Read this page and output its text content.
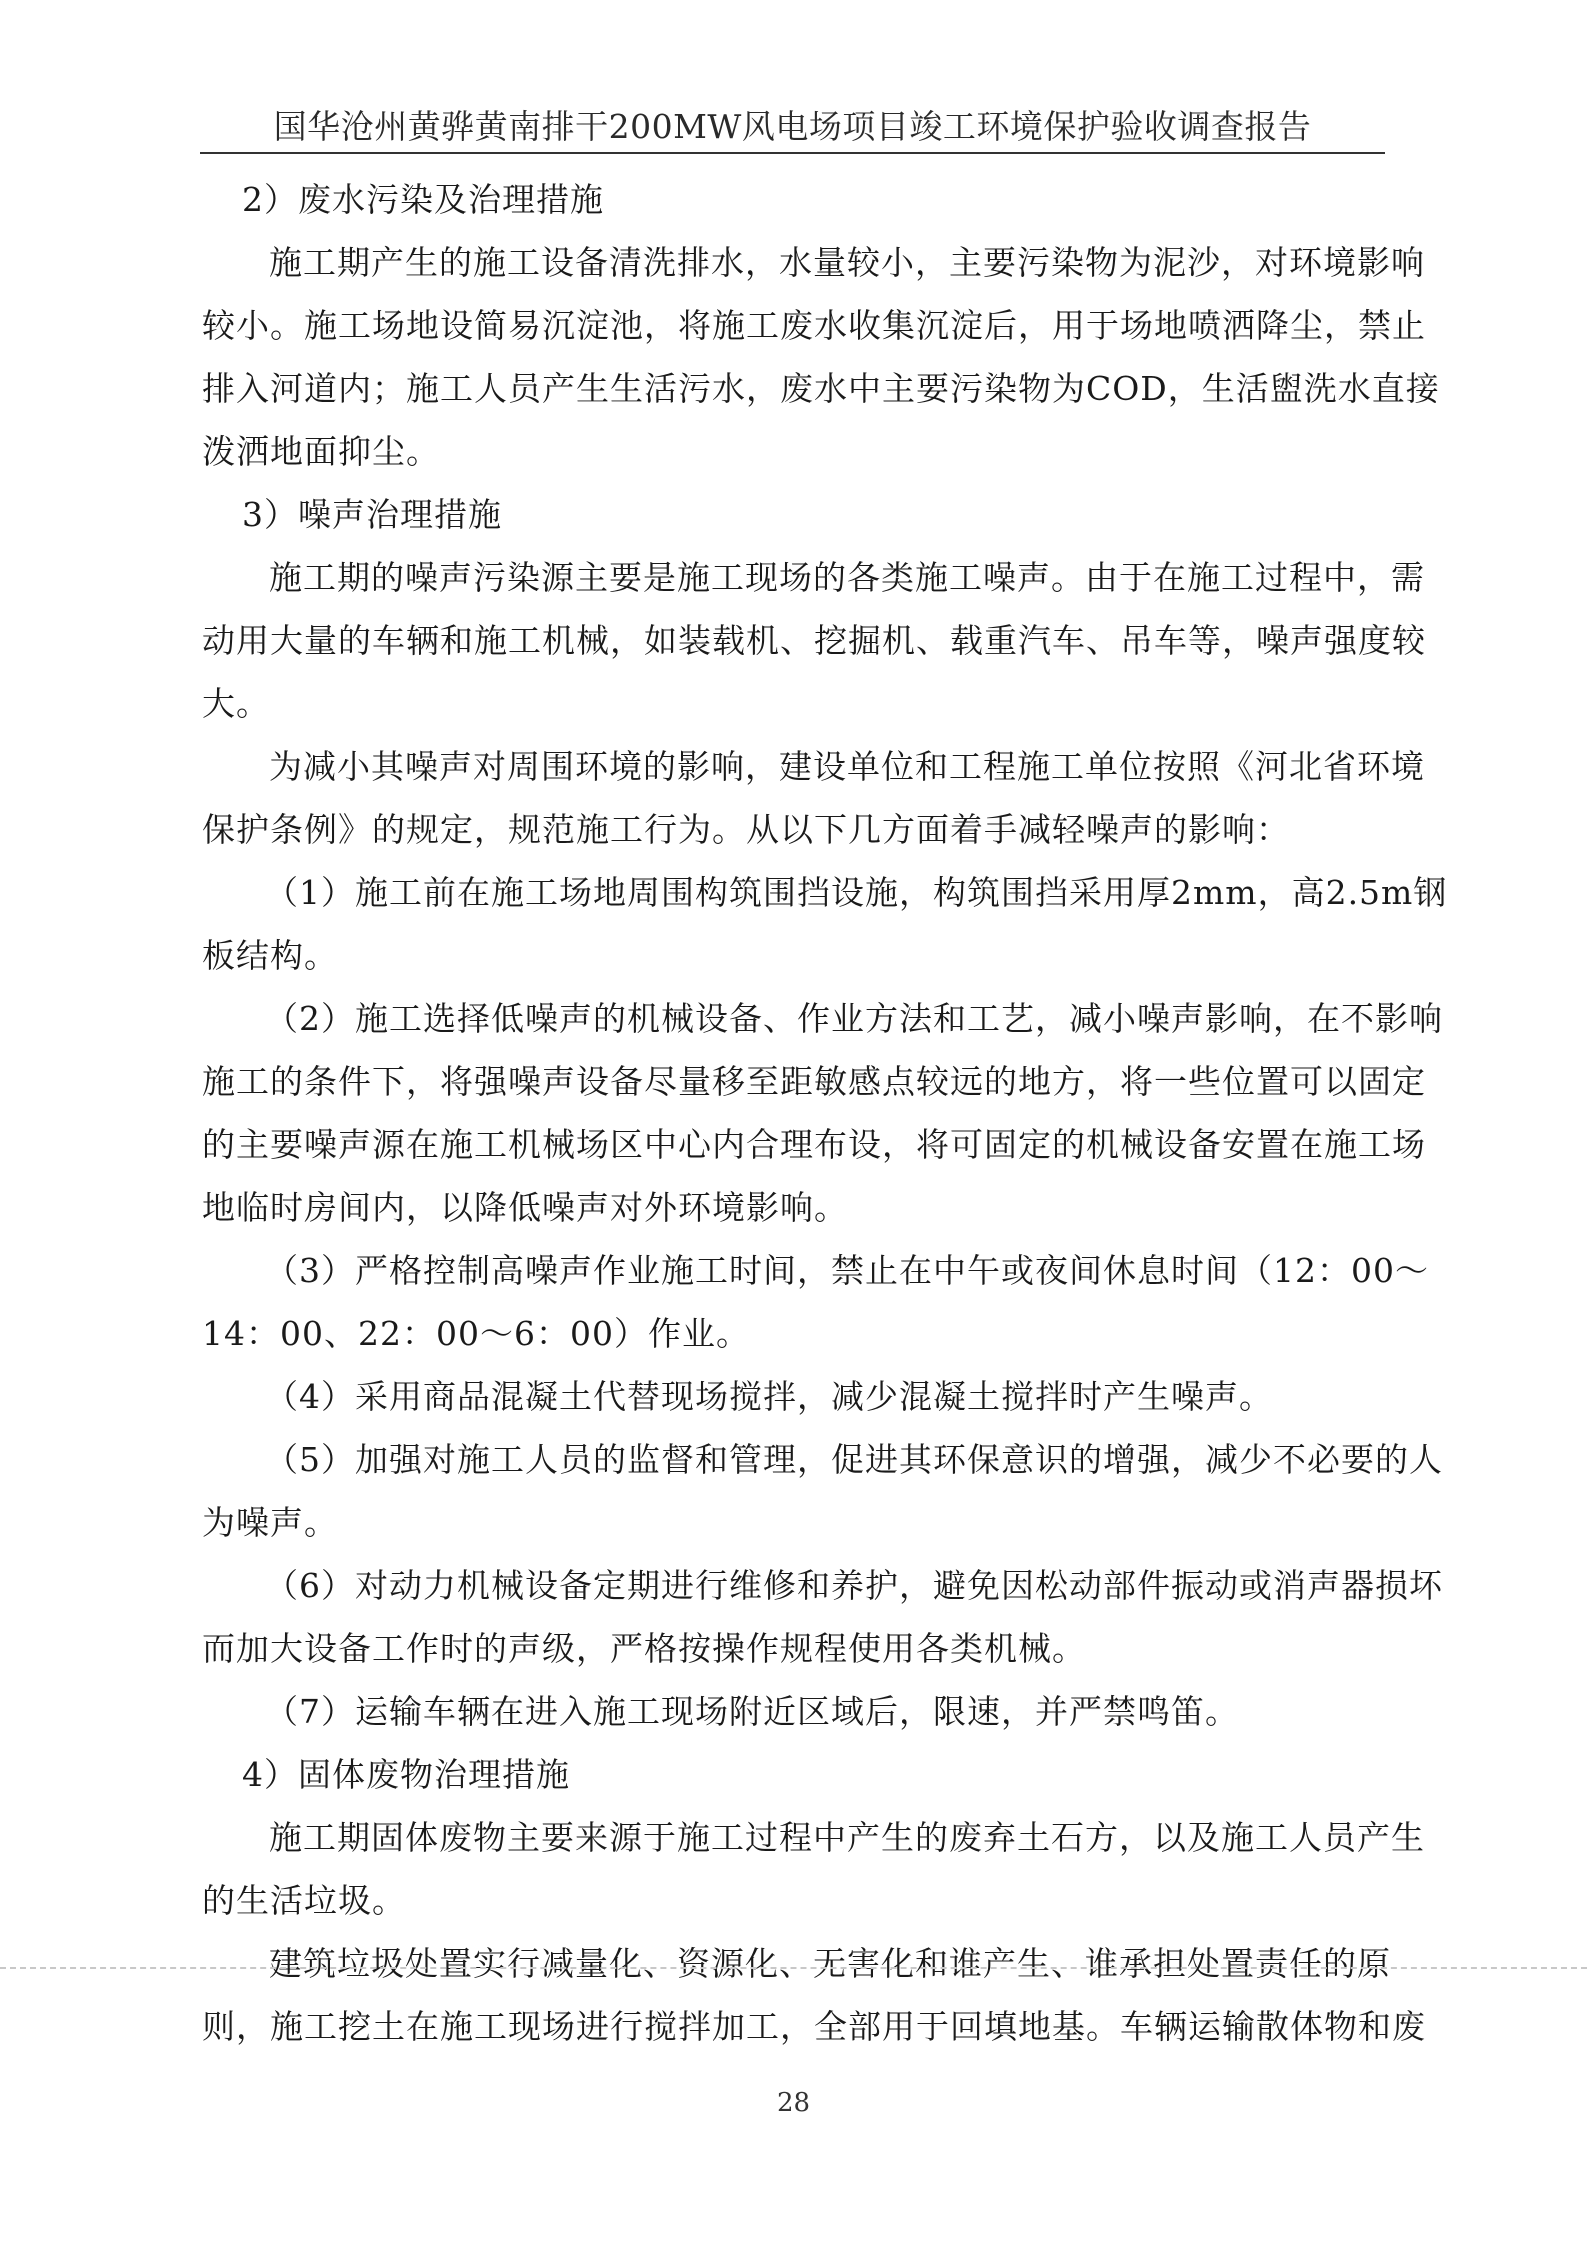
国华沧州黄骅黄南排干200MW风电场项目竣工环境保护验收调查报告
2）废水污染及治理措施
施工期产生的施工设备清洗排水，水量较小，主要污染物为泥沙，对环境影响
较小。施工场地设简易沉淀池，将施工废水收集沉淀后，用于场地喷洒降尘，禁止
排入河道内；施工人员产生生活污水，废水中主要污染物为COD，生活盥洗水直接
泼洒地面抑尘。
3）噪声治理措施
施工期的噪声污染源主要是施工现场的各类施工噪声。由于在施工过程中，需
动用大量的车辆和施工机械，如装载机、挖掘机、载重汽车、吊车等，噪声强度较
大。
为减小其噪声对周围环境的影响，建设单位和工程施工单位按照《河北省环境
保护条例》的规定，规范施工行为。从以下几方面着手减轻噪声的影响：
（1）施工前在施工场地周围构筑围挡设施，构筑围挡采用厚2mm，高2.5m钢
板结构。
（2）施工选择低噪声的机械设备、作业方法和工艺，减小噪声影响，在不影响
施工的条件下，将强噪声设备尽量移至距敏感点较远的地方，将一些位置可以固定
的主要噪声源在施工机械场区中心内合理布设，将可固定的机械设备安置在施工场
地临时房间内，以降低噪声对外环境影响。
（3）严格控制高噪声作业施工时间，禁止在中午或夜间休息时间（12：00～
14：00、22：00～6：00）作业。
（4）采用商品混凝土代替现场搅拌，减少混凝土搅拌时产生噪声。
（5）加强对施工人员的监督和管理，促进其环保意识的增强，减少不必要的人
为噪声。
（6）对动力机械设备定期进行维修和养护，避免因松动部件振动或消声器损坏
而加大设备工作时的声级，严格按操作规程使用各类机械。
（7）运输车辆在进入施工现场附近区域后，限速，并严禁鸣笛。
4）固体废物治理措施
施工期固体废物主要来源于施工过程中产生的废弃土石方，以及施工人员产生
的生活垃圾。
建筑垃圾处置实行减量化、资源化、无害化和谁产生、谁承担处置责任的原
则，施工挖土在施工现场进行搅拌加工，全部用于回填地基。车辆运输散体物和废
28
